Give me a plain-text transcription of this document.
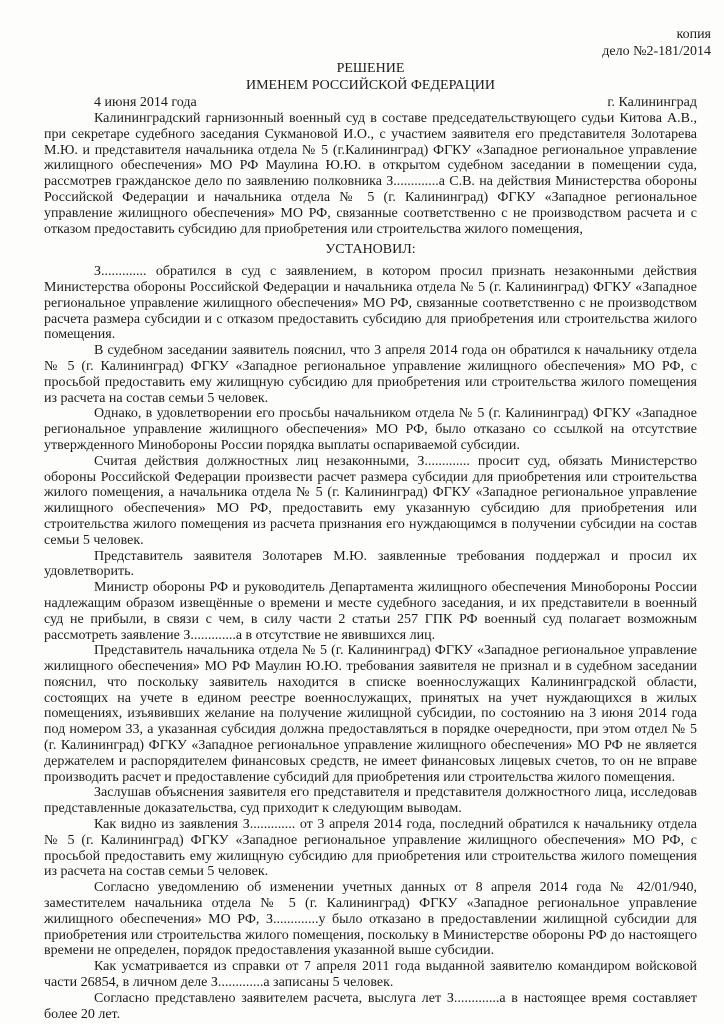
копия
дело №2-181/2014
РЕШЕНИЕ
ИМЕНЕМ РОССИЙСКОЙ ФЕДЕРАЦИИ
4 июня 2014 года	г. Калининград

Калининградский гарнизонный военный суд в составе председательствующего судьи Китова А.В., при секретаре судебного заседания Сукмановой И.О., с участием заявителя его представителя Золотарева М.Ю. и представителя начальника отдела № 5 (г.Калининград) ФГКУ «Западное региональное управление жилищного обеспечения» МО РФ Маулина Ю.Ю. в открытом судебном заседании в помещении суда, рассмотрев гражданское дело по заявлению полковника З.............а С.В. на действия Министерства обороны Российской Федерации и начальника отдела № 5 (г. Калининград) ФГКУ «Западное региональное управление жилищного обеспечения» МО РФ, связанные соответственно с не производством расчета и с отказом предоставить субсидию для приобретения или строительства жилого помещения,

УСТАНОВИЛ:

З............. обратился в суд с заявлением, в котором просил признать незаконными действия Министерства обороны Российской Федерации и начальника отдела № 5 (г. Калининград) ФГКУ «Западное региональное управление жилищного обеспечения» МО РФ, связанные соответственно с не производством расчета размера субсидии и с отказом предоставить субсидию для приобретения или строительства жилого помещения.

В судебном заседании заявитель пояснил, что 3 апреля 2014 года он обратился к начальнику отдела № 5 (г. Калининград) ФГКУ «Западное региональное управление жилищного обеспечения» МО РФ, с просьбой предоставить ему жилищную субсидию для приобретения или строительства жилого помещения из расчета на состав семьи 5 человек.

Однако, в удовлетворении его просьбы начальником отдела № 5 (г. Калининград) ФГКУ «Западное региональное управление жилищного обеспечения» МО РФ, было отказано со ссылкой на отсутствие утвержденного Минобороны России порядка выплаты оспариваемой субсидии.

Считая действия должностных лиц незаконными, З............. просит суд, обязать Министерство обороны Российской Федерации произвести расчет размера субсидии для приобретения или строительства жилого помещения, а начальника отдела № 5 (г. Калининград) ФГКУ «Западное региональное управление жилищного обеспечения» МО РФ, предоставить ему указанную субсидию для приобретения или строительства жилого помещения из расчета признания его нуждающимся в получении субсидии на состав семьи 5 человек.

Представитель заявителя Золотарев М.Ю. заявленные требования поддержал и просил их удовлетворить.

Министр обороны РФ и руководитель Департамента жилищного обеспечения Минобороны России надлежащим образом извещённые о времени и месте судебного заседания, и их представители в военный суд не прибыли, в связи с чем, в силу части 2 статьи 257 ГПК РФ военный суд полагает возможным рассмотреть заявление З.............а в отсутствие не явившихся лиц.

Представитель начальника отдела № 5 (г. Калининград) ФГКУ «Западное региональное управление жилищного обеспечения» МО РФ Маулин Ю.Ю. требования заявителя не признал и в судебном заседании пояснил, что поскольку заявитель находится в списке военнослужащих Калининградской области, состоящих на учете в едином реестре военнослужащих, принятых на учет нуждающихся в жилых помещениях, изъявивших желание на получение жилищной субсидии, по состоянию на 3 июня 2014 года под номером 33, а указанная субсидия должна предоставляться в порядке очередности, при этом отдел № 5 (г. Калининград) ФГКУ «Западное региональное управление жилищного обеспечения» МО РФ не является держателем и распорядителем финансовых средств, не имеет финансовых лицевых счетов, то он не вправе производить расчет и предоставление субсидий для приобретения или строительства жилого помещения.

Заслушав объяснения заявителя его представителя и представителя должностного лица, исследовав представленные доказательства, суд приходит к следующим выводам.

Как видно из заявления З............. от 3 апреля 2014 года, последний обратился к начальнику отдела № 5 (г. Калининград) ФГКУ «Западное региональное управление жилищного обеспечения» МО РФ, с просьбой предоставить ему жилищную субсидию для приобретения или строительства жилого помещения из расчета на состав семьи 5 человек.

Согласно уведомлению об изменении учетных данных от 8 апреля 2014 года № 42/01/940, заместителем начальника отдела № 5 (г. Калининград) ФГКУ «Западное региональное управление жилищного обеспечения» МО РФ, З.............у было отказано в предоставлении жилищной субсидии для приобретения или строительства жилого помещения, поскольку в Министерстве обороны РФ до настоящего времени не определен, порядок предоставления указанной выше субсидии.

Как усматривается из справки от 7 апреля 2011 года выданной заявителю командиром войсковой части 26854, в личном деле З.............а записаны 5 человек.

Согласно представлено заявителем расчета, выслуга лет З.............а в настоящее время составляет более 20 лет.
